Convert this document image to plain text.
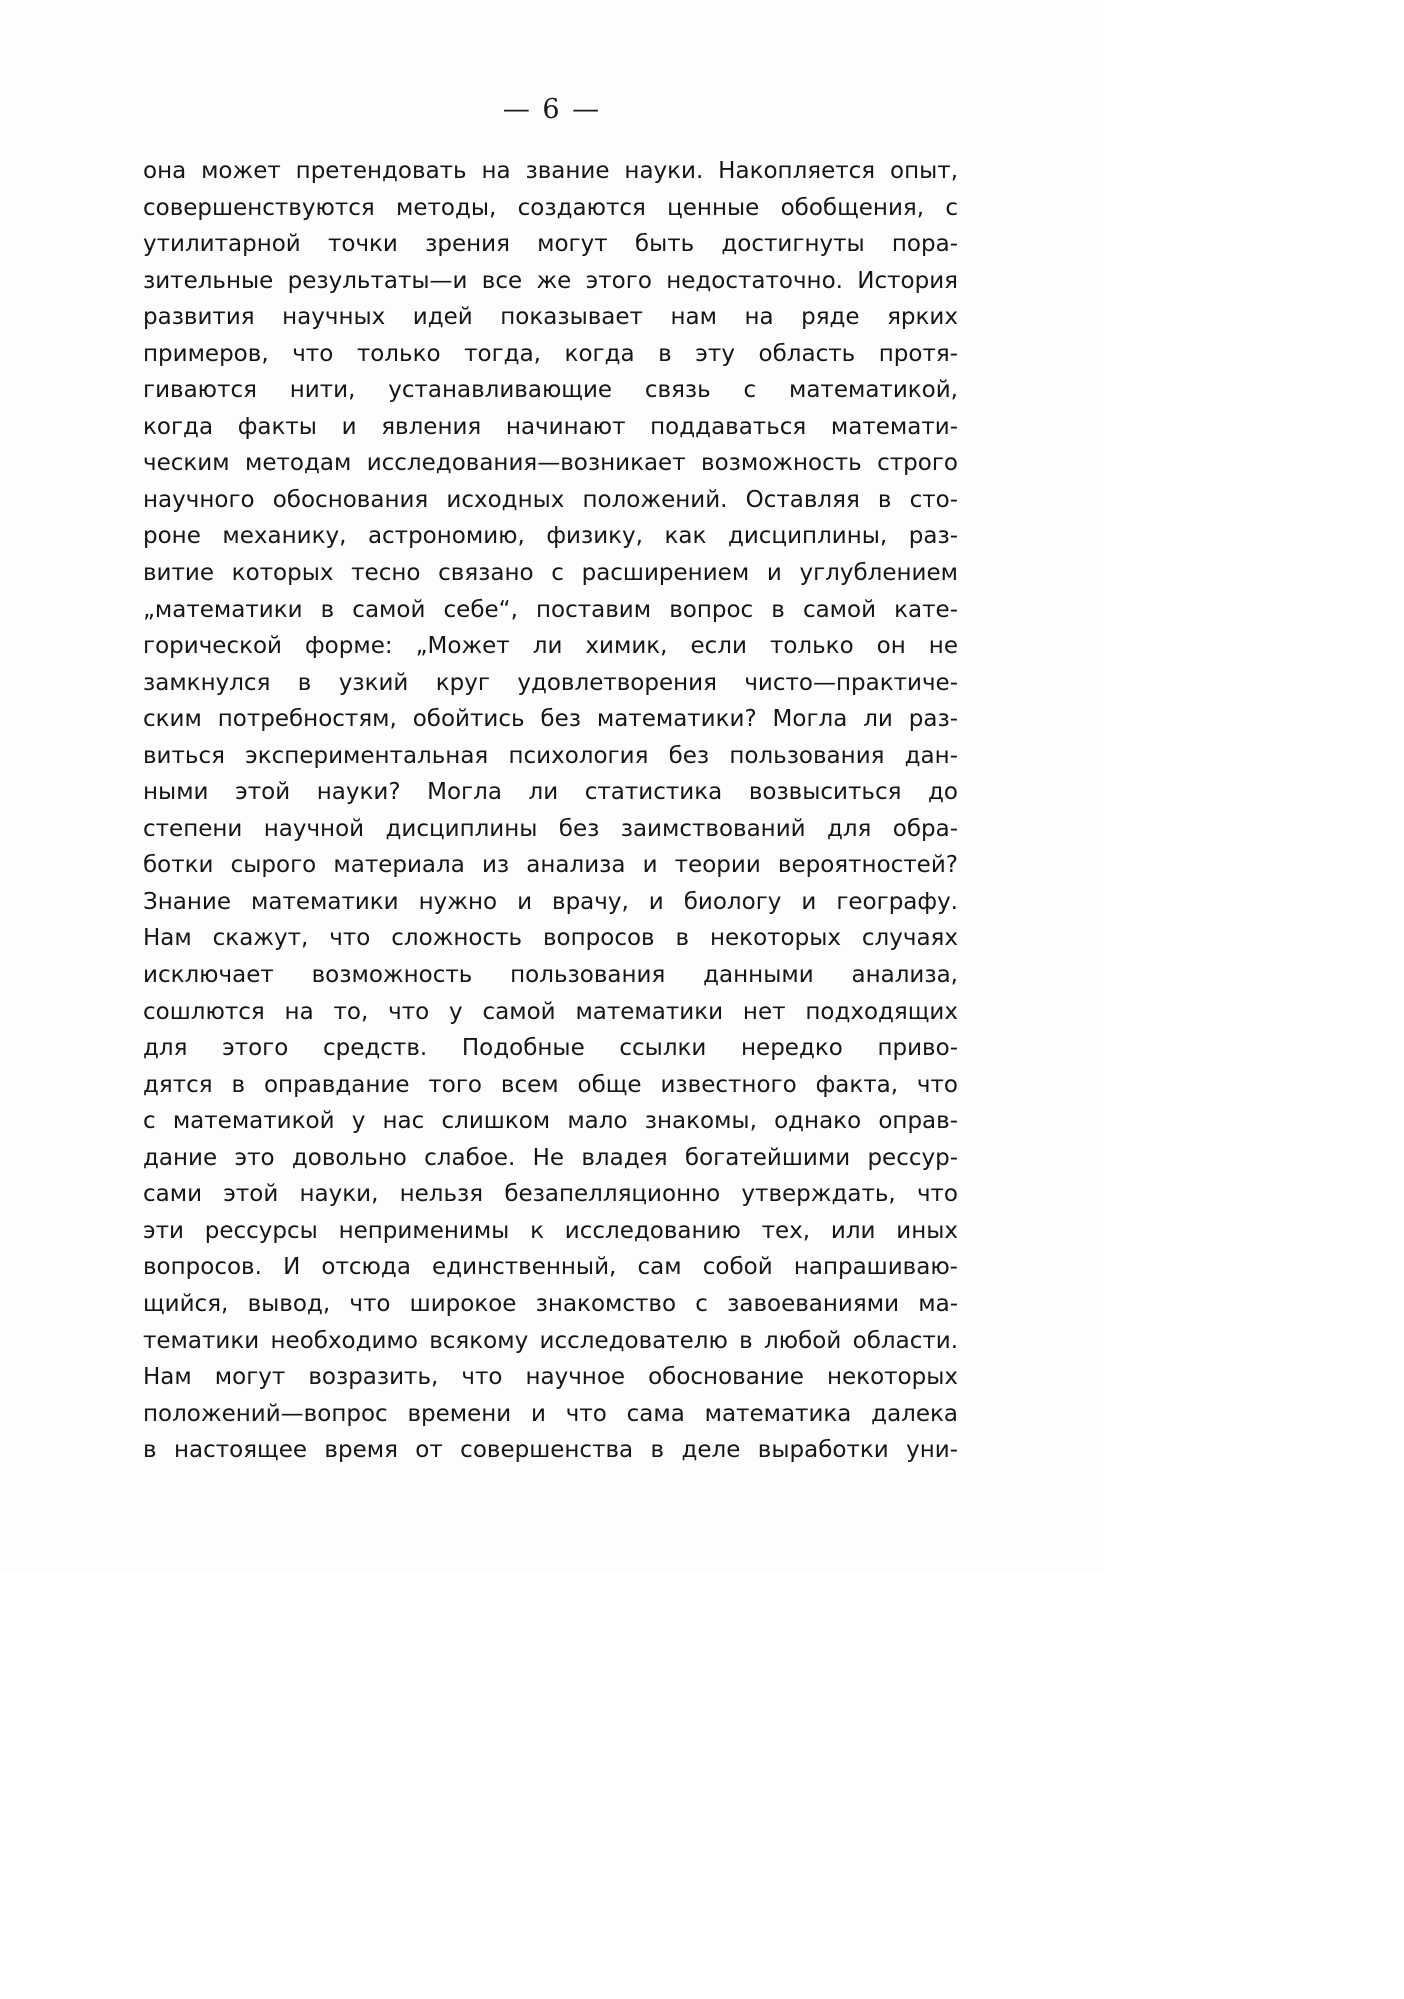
— 6 —
она может претендовать на звание науки. Накопляется опыт,
совершенствуются методы, создаются ценные обобщения, с
утилитарной точки зрения могут быть достигнуты пора-
зительные результаты—и все же этого недостаточно. История
развития научных идей показывает нам на ряде ярких
примеров, что только тогда, когда в эту область протя-
гиваются нити, устанавливающие связь с математикой,
когда факты и явления начинают поддаваться математи-
ческим методам исследования—возникает возможность строго
научного обоснования исходных положений. Оставляя в сто-
роне механику, астрономию, физику, как дисциплины, раз-
витие которых тесно связано с расширением и углублением
„математики в самой себе“, поставим вопрос в самой кате-
горической форме: „Может ли химик, если только он не
замкнулся в узкий круг удовлетворения чисто—практиче-
ским потребностям, обойтись без математики? Могла ли раз-
виться экспериментальная психология без пользования дан-
ными этой науки? Могла ли статистика возвыситься до
степени научной дисциплины без заимствований для обра-
ботки сырого материала из анализа и теории вероятностей?
Знание математики нужно и врачу, и биологу и географу.
Нам скажут, что сложность вопросов в некоторых случаях
исключает возможность пользования данными анализа,
сошлются на то, что у самой математики нет подходящих
для этого средств. Подобные ссылки нередко приво-
дятся в оправдание того всем обще известного факта, что
с математикой у нас слишком мало знакомы, однако оправ-
дание это довольно слабое. Не владея богатейшими рессур-
сами этой науки, нельзя безапелляционно утверждать, что
эти рессурсы неприменимы к исследованию тех, или иных
вопросов. И отсюда единственный, сам собой напрашиваю-
щийся, вывод, что широкое знакомство с завоеваниями ма-
тематики необходимо всякому исследователю в любой области.
Нам могут возразить, что научное обоснование некоторых
положений—вопрос времени и что сама математика далека
в настоящее время от совершенства в деле выработки уни-
